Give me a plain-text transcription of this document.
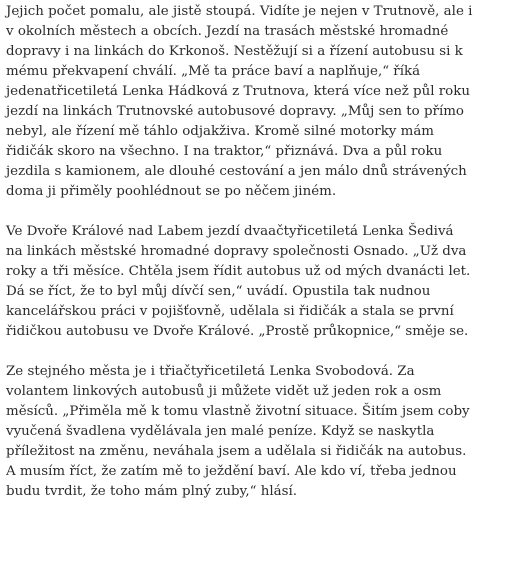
Jejich počet pomalu, ale jistě stoupá. Vidíte je nejen v Trutnově, ale i
v okolních městech a obcích. Jezdí na trasách městské hromadné
dopravy i na linkách do Krkonoš. Nestěžují si a řízení autobusu si k
mému překvapení chválí. „Mě ta práce baví a naplňuje,“ říká
jedenatřicetiletá Lenka Hádková z Trutnova, která více než půl roku
jezdí na linkách Trutnovské autobusové dopravy. „Můj sen to přímo
nebyl, ale řízení mě táhlo odjakživa. Kromě silné motorky mám
řidičák skoro na všechno. I na traktor,“ přiznává. Dva a půl roku
jezdila s kamionem, ale dlouhé cestování a jen málo dnů strávených
doma ji přiměly poohlédnout se po něčem jiném.
Ve Dvoře Králové nad Labem jezdí dvaačtyřicetiletá Lenka Šedivá
na linkách městské hromadné dopravy společnosti Osnado. „Už dva
roky a tři měsíce. Chtěla jsem řídit autobus už od mých dvanácti let.
Dá se říct, že to byl můj dívčí sen,“ uvádí. Opustila tak nudnou
kancelářskou práci v pojišťovně, udělala si řidičák a stala se první
řidičkou autobusu ve Dvoře Králové. „Prostě průkopnice,“ směje se.
Ze stejného města je i třiačtyřicetiletá Lenka Svobodová. Za
volantem linkových autobusů ji můžete vidět už jeden rok a osm
měsíců. „Přiměla mě k tomu vlastně životní situace. Šitím jsem coby
vyučená švadlena vydělávala jen malé peníze. Když se naskytla
příležitost na změnu, neváhala jsem a udělala si řidičák na autobus.
A musím říct, že zatím mě to ježdění baví. Ale kdo ví, třeba jednou
budu tvrdit, že toho mám plný zuby,“ hlásí.
